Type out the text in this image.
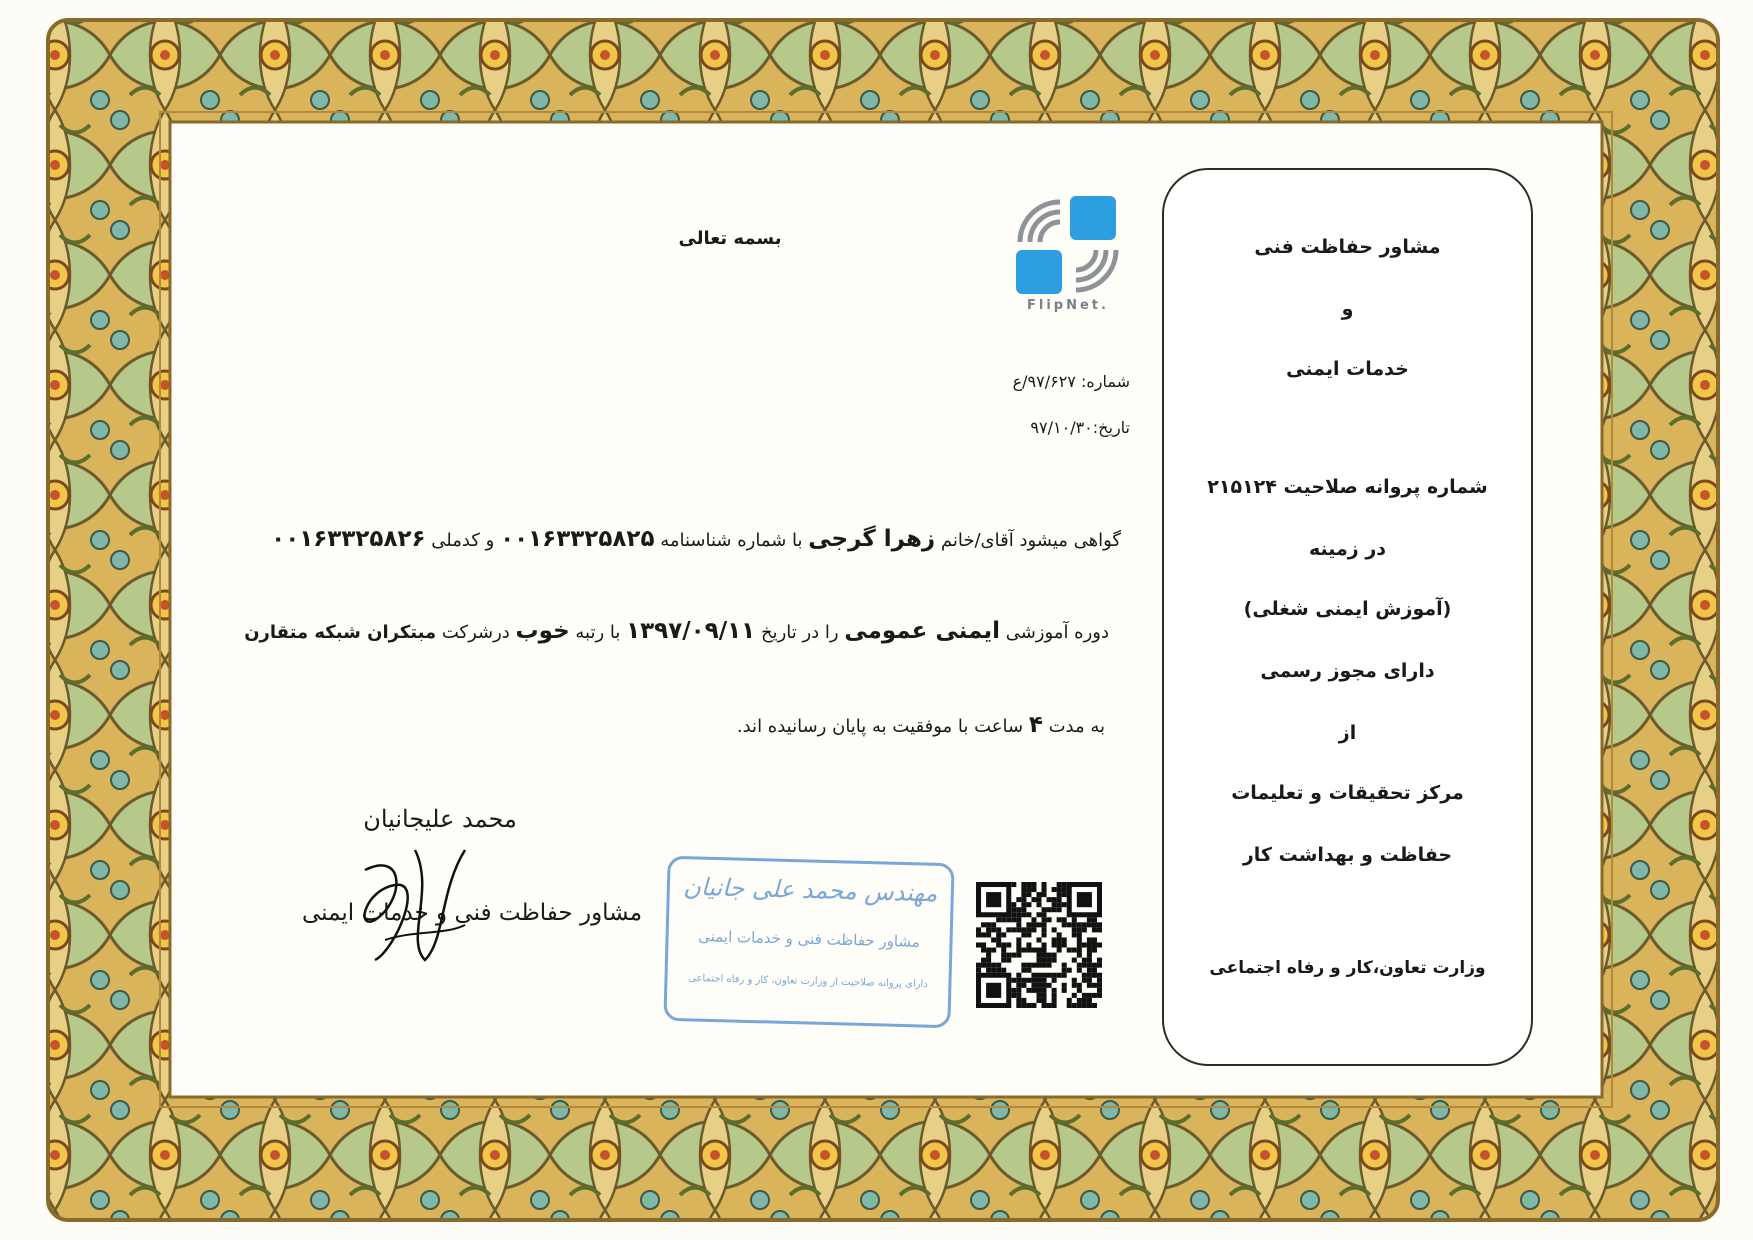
بسمه تعالی
FlipNet.
شماره: ۹۷/۶۲۷/ع
تاریخ:۹۷/۱۰/۳۰
گواهی میشود آقای/خانم زهرا گرجی با شماره شناسنامه ۰۰۱۶۳۳۲۵۸۲۵ و کدملی ۰۰۱۶۳۳۲۵۸۲۶
دوره آموزشی ایمنی عمومی را در تاریخ ۱۳۹۷/۰۹/۱۱ با رتبه خوب درشرکت مبتکران شبکه متقارن
به مدت ۴ ساعت با موفقیت به پایان رسانیده اند.
محمد علیجانیان
مشاور حفاظت فنی و خدمات ایمنی
مهندس محمد علی جانیان
مشاور حفاظت فنی و خدمات ایمنی
دارای پروانه صلاحیت از وزارت تعاون، کار و رفاه اجتماعی
مشاور حفاظت فنی
و
خدمات ایمنی
شماره پروانه صلاحیت ۲۱۵۱۲۴
در زمینه
(آموزش ایمنی شغلی)
دارای مجوز رسمی
از
مرکز تحقیقات و تعلیمات
حفاظت و بهداشت کار
وزارت تعاون،کار و رفاه اجتماعی
